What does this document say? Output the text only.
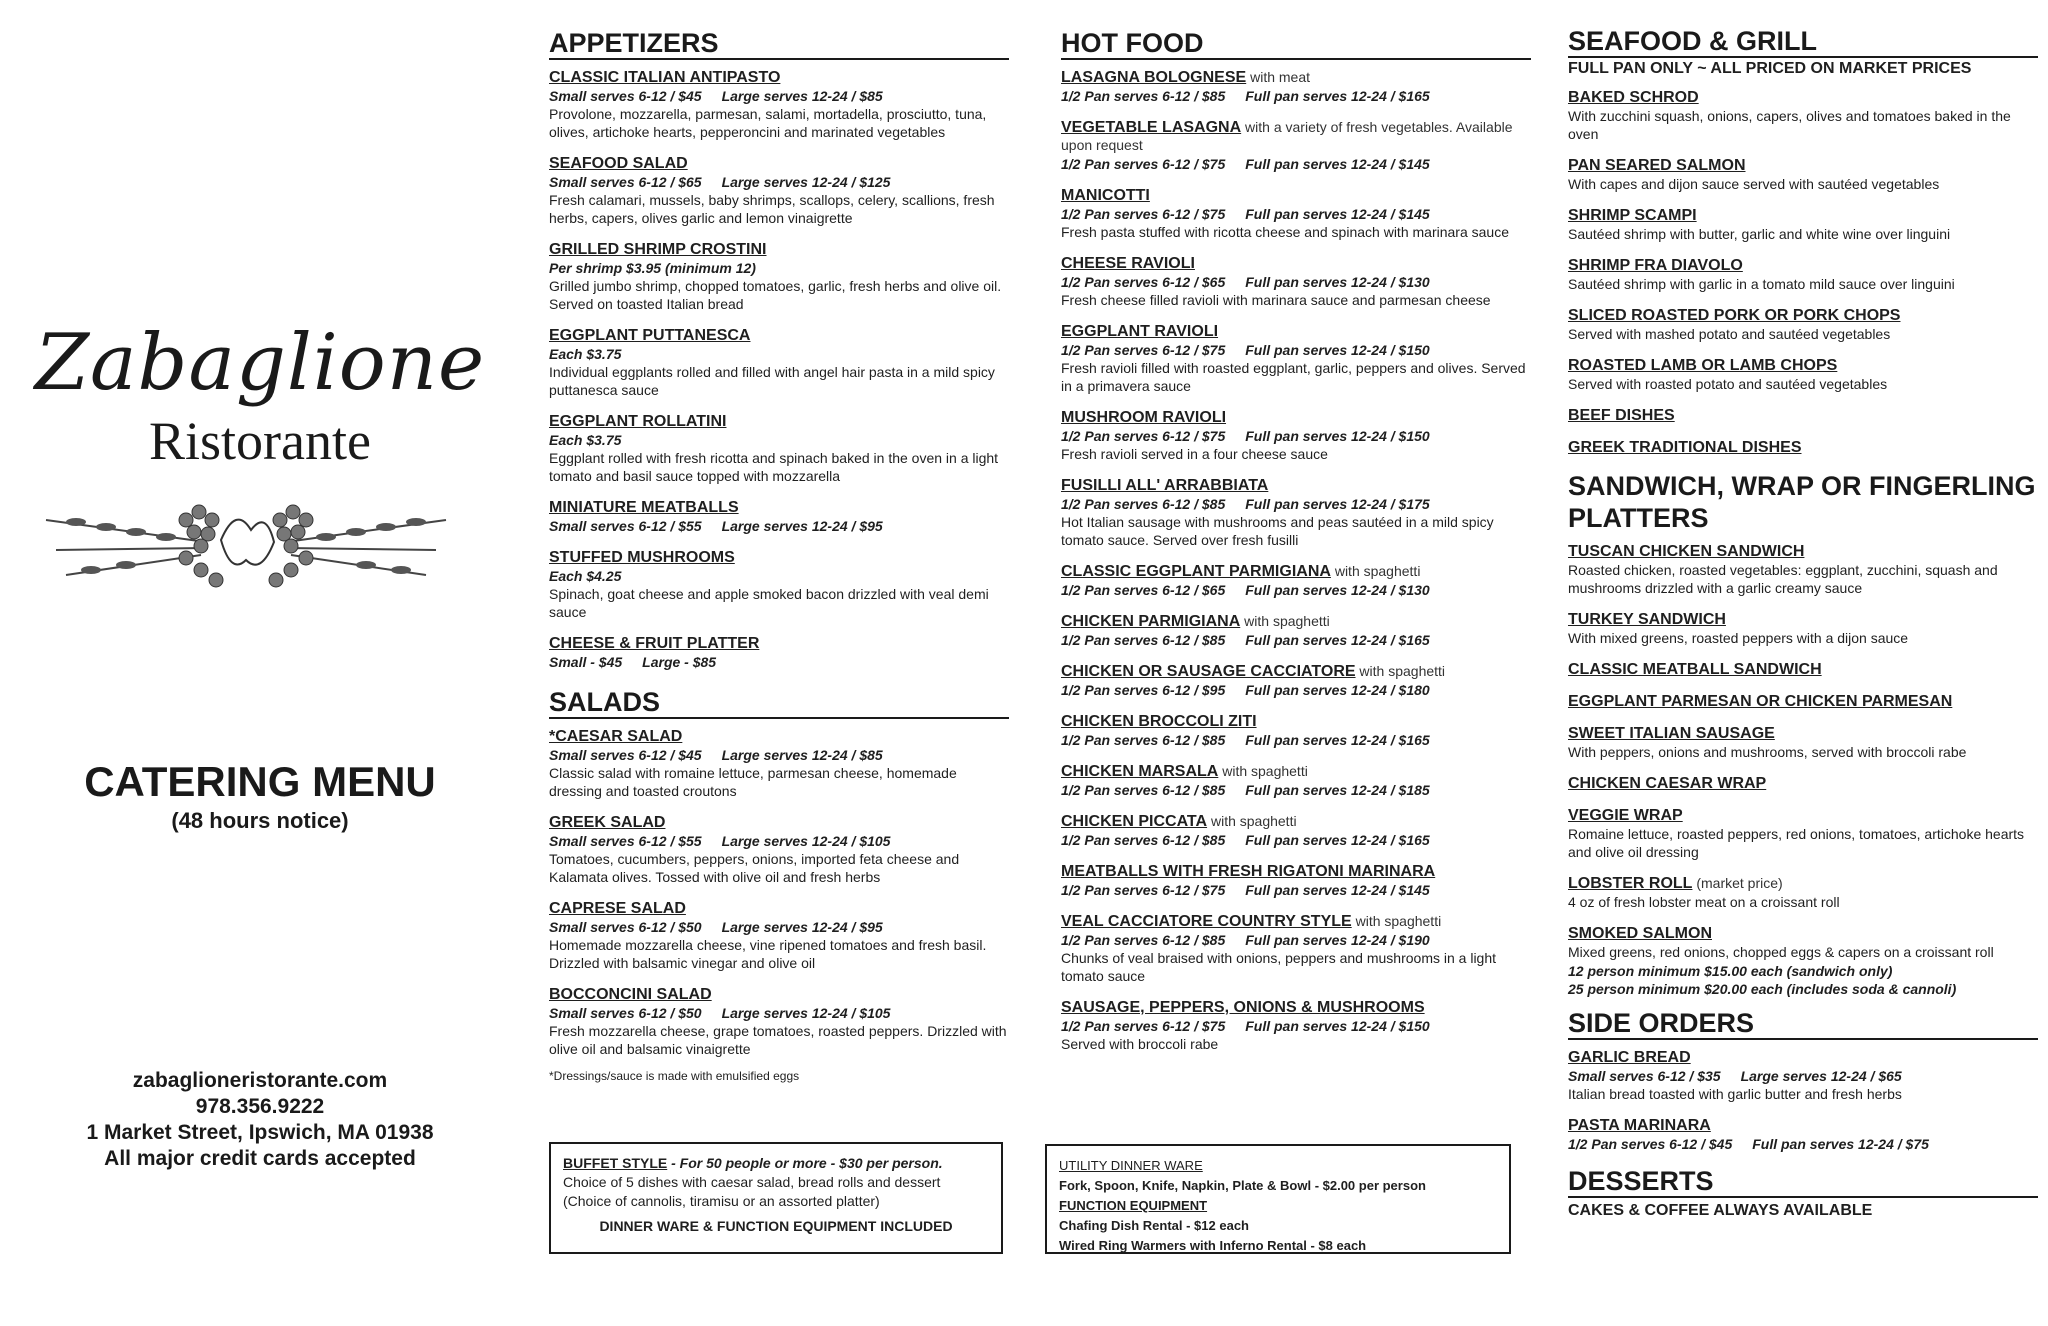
Zabaglione
Ristorante
CATERING MENU
(48 hours notice)
zabaglioneristorante.com
978.356.9222
1 Market Street, Ipswich, MA 01938
All major credit cards accepted
APPETIZERS
CLASSIC ITALIAN ANTIPASTO
Small serves 6-12 / $45 Large serves 12-24 / $85
Provolone, mozzarella, parmesan, salami, mortadella, prosciutto, tuna, olives, artichoke hearts, pepperoncini and marinated vegetables
SEAFOOD SALAD
Small serves 6-12 / $65 Large serves 12-24 / $125
Fresh calamari, mussels, baby shrimps, scallops, celery, scallions, fresh herbs, capers, olives garlic and lemon vinaigrette
GRILLED SHRIMP CROSTINI
Per shrimp $3.95 (minimum 12)
Grilled jumbo shrimp, chopped tomatoes, garlic, fresh herbs and olive oil. Served on toasted Italian bread
EGGPLANT PUTTANESCA
Each $3.75
Individual eggplants rolled and filled with angel hair pasta in a mild spicy puttanesca sauce
EGGPLANT ROLLATINI
Each $3.75
Eggplant rolled with fresh ricotta and spinach baked in the oven in a light tomato and basil sauce topped with mozzarella
MINIATURE MEATBALLS
Small serves 6-12 / $55 Large serves 12-24 / $95
STUFFED MUSHROOMS
Each $4.25
Spinach, goat cheese and apple smoked bacon drizzled with veal demi sauce
CHEESE & FRUIT PLATTER
Small - $45 Large - $85
SALADS
*CAESAR SALAD
Small serves 6-12 / $45 Large serves 12-24 / $85
Classic salad with romaine lettuce, parmesan cheese, homemade dressing and toasted croutons
GREEK SALAD
Small serves 6-12 / $55 Large serves 12-24 / $105
Tomatoes, cucumbers, peppers, onions, imported feta cheese and Kalamata olives. Tossed with olive oil and fresh herbs
CAPRESE SALAD
Small serves 6-12 / $50 Large serves 12-24 / $95
Homemade mozzarella cheese, vine ripened tomatoes and fresh basil. Drizzled with balsamic vinegar and olive oil
BOCCONCINI SALAD
Small serves 6-12 / $50 Large serves 12-24 / $105
Fresh mozzarella cheese, grape tomatoes, roasted peppers. Drizzled with olive oil and balsamic vinaigrette
*Dressings/sauce is made with emulsified eggs
BUFFET STYLE - For 50 people or more - $30 per person.
Choice of 5 dishes with caesar salad, bread rolls and dessert
(Choice of cannolis, tiramisu or an assorted platter)
DINNER WARE & FUNCTION EQUIPMENT INCLUDED
HOT FOOD
LASAGNA BOLOGNESE with meat
1/2 Pan serves 6-12 / $85 Full pan serves 12-24 / $165
VEGETABLE LASAGNA with a variety of fresh vegetables. Available upon request
1/2 Pan serves 6-12 / $75 Full pan serves 12-24 / $145
MANICOTTI
1/2 Pan serves 6-12 / $75 Full pan serves 12-24 / $145
Fresh pasta stuffed with ricotta cheese and spinach with marinara sauce
CHEESE RAVIOLI
1/2 Pan serves 6-12 / $65 Full pan serves 12-24 / $130
Fresh cheese filled ravioli with marinara sauce and parmesan cheese
EGGPLANT RAVIOLI
1/2 Pan serves 6-12 / $75 Full pan serves 12-24 / $150
Fresh ravioli filled with roasted eggplant, garlic, peppers and olives. Served in a primavera sauce
MUSHROOM RAVIOLI
1/2 Pan serves 6-12 / $75 Full pan serves 12-24 / $150
Fresh ravioli served in a four cheese sauce
FUSILLI ALL' ARRABBIATA
1/2 Pan serves 6-12 / $85 Full pan serves 12-24 / $175
Hot Italian sausage with mushrooms and peas sautéed in a mild spicy tomato sauce. Served over fresh fusilli
CLASSIC EGGPLANT PARMIGIANA with spaghetti
1/2 Pan serves 6-12 / $65 Full pan serves 12-24 / $130
CHICKEN PARMIGIANA with spaghetti
1/2 Pan serves 6-12 / $85 Full pan serves 12-24 / $165
CHICKEN OR SAUSAGE CACCIATORE with spaghetti
1/2 Pan serves 6-12 / $95 Full pan serves 12-24 / $180
CHICKEN BROCCOLI ZITI
1/2 Pan serves 6-12 / $85 Full pan serves 12-24 / $165
CHICKEN MARSALA with spaghetti
1/2 Pan serves 6-12 / $85 Full pan serves 12-24 / $185
CHICKEN PICCATA with spaghetti
1/2 Pan serves 6-12 / $85 Full pan serves 12-24 / $165
MEATBALLS WITH FRESH RIGATONI MARINARA
1/2 Pan serves 6-12 / $75 Full pan serves 12-24 / $145
VEAL CACCIATORE COUNTRY STYLE with spaghetti
1/2 Pan serves 6-12 / $85 Full pan serves 12-24 / $190
Chunks of veal braised with onions, peppers and mushrooms in a light tomato sauce
SAUSAGE, PEPPERS, ONIONS & MUSHROOMS
1/2 Pan serves 6-12 / $75 Full pan serves 12-24 / $150
Served with broccoli rabe
UTILITY DINNER WARE
Fork, Spoon, Knife, Napkin, Plate & Bowl - $2.00 per person
FUNCTION EQUIPMENT
Chafing Dish Rental - $12 each
Wired Ring Warmers with Inferno Rental - $8 each
SEAFOOD & GRILL
FULL PAN ONLY ~ ALL PRICED ON MARKET PRICES
BAKED SCHROD
With zucchini squash, onions, capers, olives and tomatoes baked in the oven
PAN SEARED SALMON
With capes and dijon sauce served with sautéed vegetables
SHRIMP SCAMPI
Sautéed shrimp with butter, garlic and white wine over linguini
SHRIMP FRA DIAVOLO
Sautéed shrimp with garlic in a tomato mild sauce over linguini
SLICED ROASTED PORK OR PORK CHOPS
Served with mashed potato and sautéed vegetables
ROASTED LAMB OR LAMB CHOPS
Served with roasted potato and sautéed vegetables
BEEF DISHES
GREEK TRADITIONAL DISHES
SANDWICH, WRAP OR FINGERLING PLATTERS
TUSCAN CHICKEN SANDWICH
Roasted chicken, roasted vegetables: eggplant, zucchini, squash and mushrooms drizzled with a garlic creamy sauce
TURKEY SANDWICH
With mixed greens, roasted peppers with a dijon sauce
CLASSIC MEATBALL SANDWICH
EGGPLANT PARMESAN OR CHICKEN PARMESAN
SWEET ITALIAN SAUSAGE
With peppers, onions and mushrooms, served with broccoli rabe
CHICKEN CAESAR WRAP
VEGGIE WRAP
Romaine lettuce, roasted peppers, red onions, tomatoes, artichoke hearts and olive oil dressing
LOBSTER ROLL (market price)
4 oz of fresh lobster meat on a croissant roll
SMOKED SALMON
Mixed greens, red onions, chopped eggs & capers on a croissant roll
12 person minimum $15.00 each (sandwich only)
25 person minimum $20.00 each (includes soda & cannoli)
SIDE ORDERS
GARLIC BREAD
Small serves 6-12 / $35 Large serves 12-24 / $65
Italian bread toasted with garlic butter and fresh herbs
PASTA MARINARA
1/2 Pan serves 6-12 / $45 Full pan serves 12-24 / $75
DESSERTS
CAKES & COFFEE ALWAYS AVAILABLE
